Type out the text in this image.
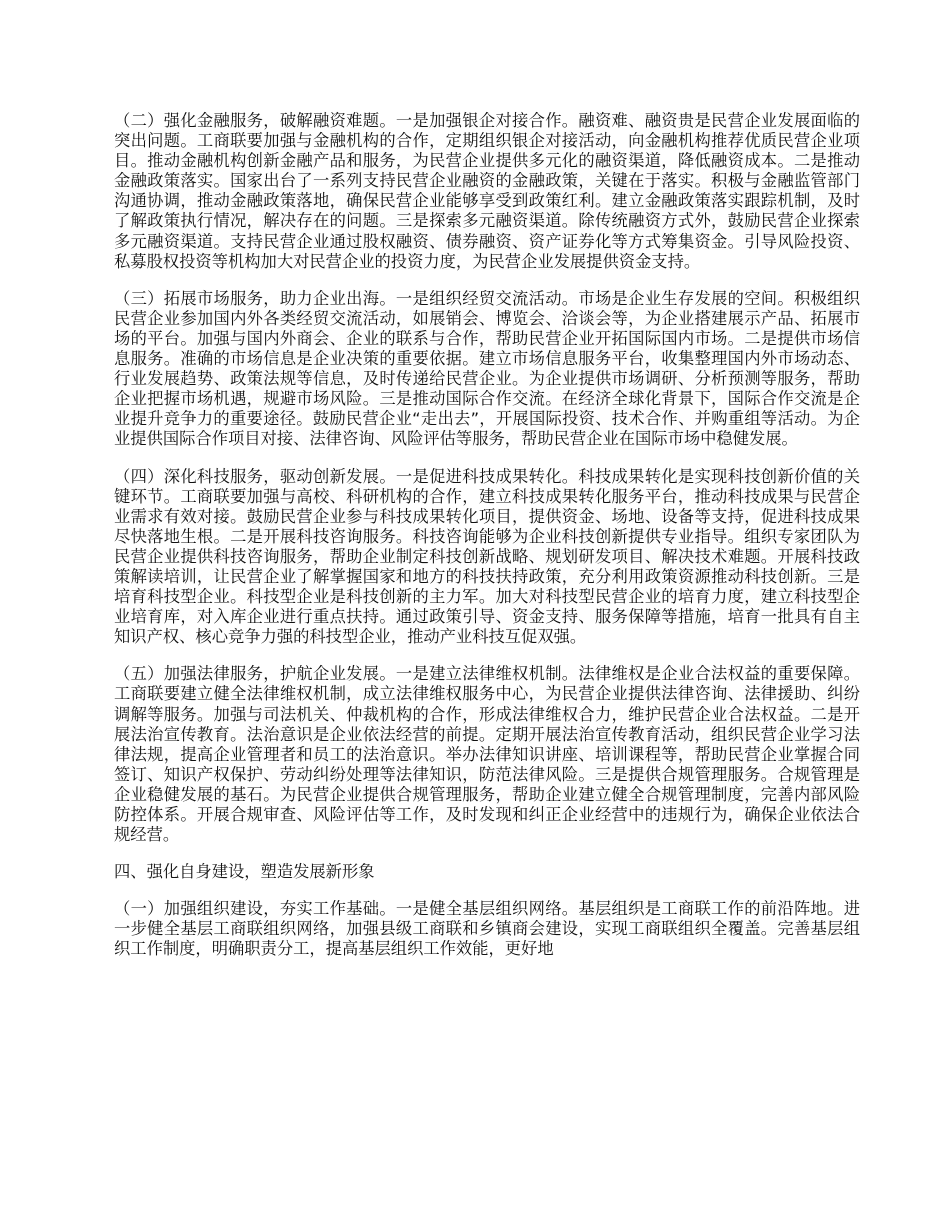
（二）强化金融服务，破解融资难题。一是加强银企对接合作。融资难、融资贵是民营企业发展面临的突出问题。工商联要加强与金融机构的合作，定期组织银企对接活动，向金融机构推荐优质民营企业项目。推动金融机构创新金融产品和服务，为民营企业提供多元化的融资渠道，降低融资成本。二是推动金融政策落实。国家出台了一系列支持民营企业融资的金融政策，关键在于落实。积极与金融监管部门沟通协调，推动金融政策落地，确保民营企业能够享受到政策红利。建立金融政策落实跟踪机制，及时了解政策执行情况，解决存在的问题。三是探索多元融资渠道。除传统融资方式外，鼓励民营企业探索多元融资渠道。支持民营企业通过股权融资、债券融资、资产证券化等方式筹集资金。引导风险投资、私募股权投资等机构加大对民营企业的投资力度，为民营企业发展提供资金支持。

（三）拓展市场服务，助力企业出海。一是组织经贸交流活动。市场是企业生存发展的空间。积极组织民营企业参加国内外各类经贸交流活动，如展销会、博览会、洽谈会等，为企业搭建展示产品、拓展市场的平台。加强与国内外商会、企业的联系与合作，帮助民营企业开拓国际国内市场。二是提供市场信息服务。准确的市场信息是企业决策的重要依据。建立市场信息服务平台，收集整理国内外市场动态、行业发展趋势、政策法规等信息，及时传递给民营企业。为企业提供市场调研、分析预测等服务，帮助企业把握市场机遇，规避市场风险。三是推动国际合作交流。在经济全球化背景下，国际合作交流是企业提升竞争力的重要途径。鼓励民营企业“走出去”，开展国际投资、技术合作、并购重组等活动。为企业提供国际合作项目对接、法律咨询、风险评估等服务，帮助民营企业在国际市场中稳健发展。

（四）深化科技服务，驱动创新发展。一是促进科技成果转化。科技成果转化是实现科技创新价值的关键环节。工商联要加强与高校、科研机构的合作，建立科技成果转化服务平台，推动科技成果与民营企业需求有效对接。鼓励民营企业参与科技成果转化项目，提供资金、场地、设备等支持，促进科技成果尽快落地生根。二是开展科技咨询服务。科技咨询能够为企业科技创新提供专业指导。组织专家团队为民营企业提供科技咨询服务，帮助企业制定科技创新战略、规划研发项目、解决技术难题。开展科技政策解读培训，让民营企业了解掌握国家和地方的科技扶持政策，充分利用政策资源推动科技创新。三是培育科技型企业。科技型企业是科技创新的主力军。加大对科技型民营企业的培育力度，建立科技型企业培育库，对入库企业进行重点扶持。通过政策引导、资金支持、服务保障等措施，培育一批具有自主知识产权、核心竞争力强的科技型企业，推动产业科技互促双强。

（五）加强法律服务，护航企业发展。一是建立法律维权机制。法律维权是企业合法权益的重要保障。工商联要建立健全法律维权机制，成立法律维权服务中心，为民营企业提供法律咨询、法律援助、纠纷调解等服务。加强与司法机关、仲裁机构的合作，形成法律维权合力，维护民营企业合法权益。二是开展法治宣传教育。法治意识是企业依法经营的前提。定期开展法治宣传教育活动，组织民营企业学习法律法规，提高企业管理者和员工的法治意识。举办法律知识讲座、培训课程等，帮助民营企业掌握合同签订、知识产权保护、劳动纠纷处理等法律知识，防范法律风险。三是提供合规管理服务。合规管理是企业稳健发展的基石。为民营企业提供合规管理服务，帮助企业建立健全合规管理制度，完善内部风险防控体系。开展合规审查、风险评估等工作，及时发现和纠正企业经营中的违规行为，确保企业依法合规经营。

四、强化自身建设，塑造发展新形象

（一）加强组织建设，夯实工作基础。一是健全基层组织网络。基层组织是工商联工作的前沿阵地。进一步健全基层工商联组织网络，加强县级工商联和乡镇商会建设，实现工商联组织全覆盖。完善基层组织工作制度，明确职责分工，提高基层组织工作效能，更好地
